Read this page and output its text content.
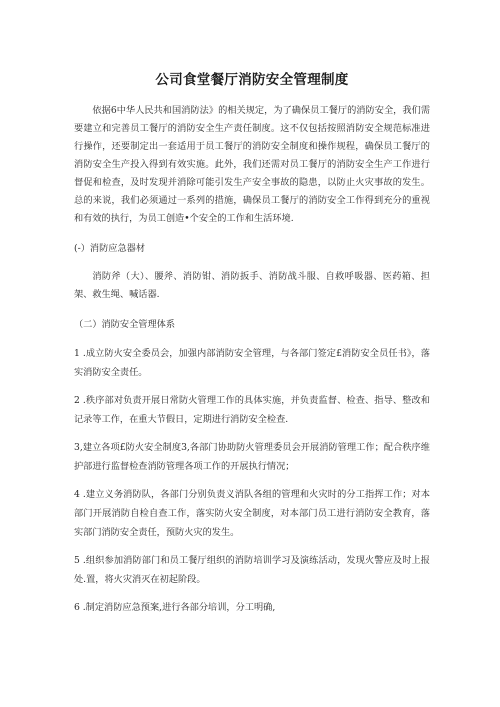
公司食堂餐厅消防安全管理制度

依据6中华人民共和国消防法》的相关规定，为了确保员工餐厅的消防安全，我们需要建立和完善员工餐厅的消防安全生产责任制度。这不仅包括按照消防安全规范标准进行操作，还要制定出一套适用于员工餐厅的消防安全制度和操作规程，确保员工餐厅的消防安全生产投入得到有效实施。此外，我们还需对员工餐厅的消防安全生产工作进行督促和检查，及时发现并消除可能引发生产安全事故的隐患，以防止火灾事故的发生。总的来说，我们必须通过一系列的措施，确保员工餐厅的消防安全工作得到充分的重视和有效的执行，为员工创造•个安全的工作和生活环境.

(-）消防应急器材

消防斧（大）、腰斧、消防钳、消防扳手、消防战斗服、自救呼吸器、医药箱、担架、救生绳、喊话器.

（二）消防安全管理体系

1 .成立防火安全委员会，加强内部消防安全管理，与各部门签定£消防安全员任书》，落实消防安全责任。

2 .秩序部对负责开展日常防火管理工作的具体实施，并负责监督、检查、指导、整改和记录等工作，在重大节假日，定期进行消防安全检查.

3,建立各项£防火安全制度3,各部门协助防火管理委员会开展消防管理工作；配合秩序维护部进行监督检查消防管理各项工作的开展执行情况；

4 .建立义务消防队，各部门分别负责义消队各组的管理和火灾时的分工指挥工作；对本部门开展消防自检自查工作，落实防火安全制度，对本部门员工进行消防安全教育，落实部门消防安全责任，预防火灾的发生。

5 .组织参加消防部门和员工餐厅组织的消防培训学习及演练活动，发现火警应及时上报处.置，将火灾消灭在初起阶段。

6 .制定消防应急预案,进行各部分培训，分工明确,
